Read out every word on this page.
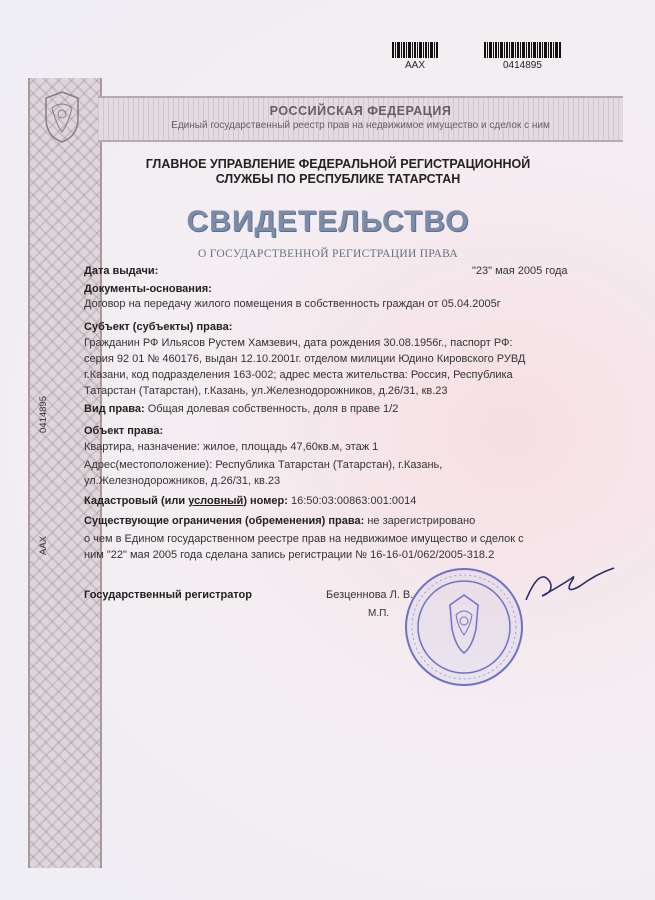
ААХ	0414895
0414895
ААХ
РОССИЙСКАЯ ФЕДЕРАЦИЯ
Единый государственный реестр прав на недвижимое имущество и сделок с ним
ГЛАВНОЕ УПРАВЛЕНИЕ ФЕДЕРАЛЬНОЙ РЕГИСТРАЦИОННОЙ
СЛУЖБЫ ПО РЕСПУБЛИКЕ ТАТАРСТАН
СВИДЕТЕЛЬСТВО
О ГОСУДАРСТВЕННОЙ РЕГИСТРАЦИИ ПРАВА
Дата выдачи:	"23" мая 2005 года
Документы-основания:
Договор на передачу жилого помещения в собственность граждан от 05.04.2005г
Субъект (субъекты) права:
Гражданин РФ Ильясов Рустем Хамзевич, дата рождения 30.08.1956г., паспорт РФ:
серия 92 01 № 460176, выдан 12.10.2001г. отделом милиции Юдино Кировского РУВД
г.Казани, код подразделения 163-002; адрес места жительства: Россия, Республика
Татарстан (Татарстан), г.Казань, ул.Железнодорожников, д.26/31, кв.23
Вид права: Общая долевая собственность, доля в праве 1/2
Объект права:
Квартира, назначение: жилое, площадь 47,60кв.м, этаж 1
Адрес(местоположение): Республика Татарстан (Татарстан), г.Казань,
ул.Железнодорожников, д.26/31, кв.23
Кадастровый (или условный) номер: 16:50:03:00863:001:0014
Существующие ограничения (обременения) права: не зарегистрировано
о чем в Едином государственном реестре прав на недвижимое имущество и сделок с
ним "22" мая 2005 года сделана запись регистрации № 16-16-01/062/2005-318.2
Государственный регистратор	Безценнова Л. В.
М.П.
